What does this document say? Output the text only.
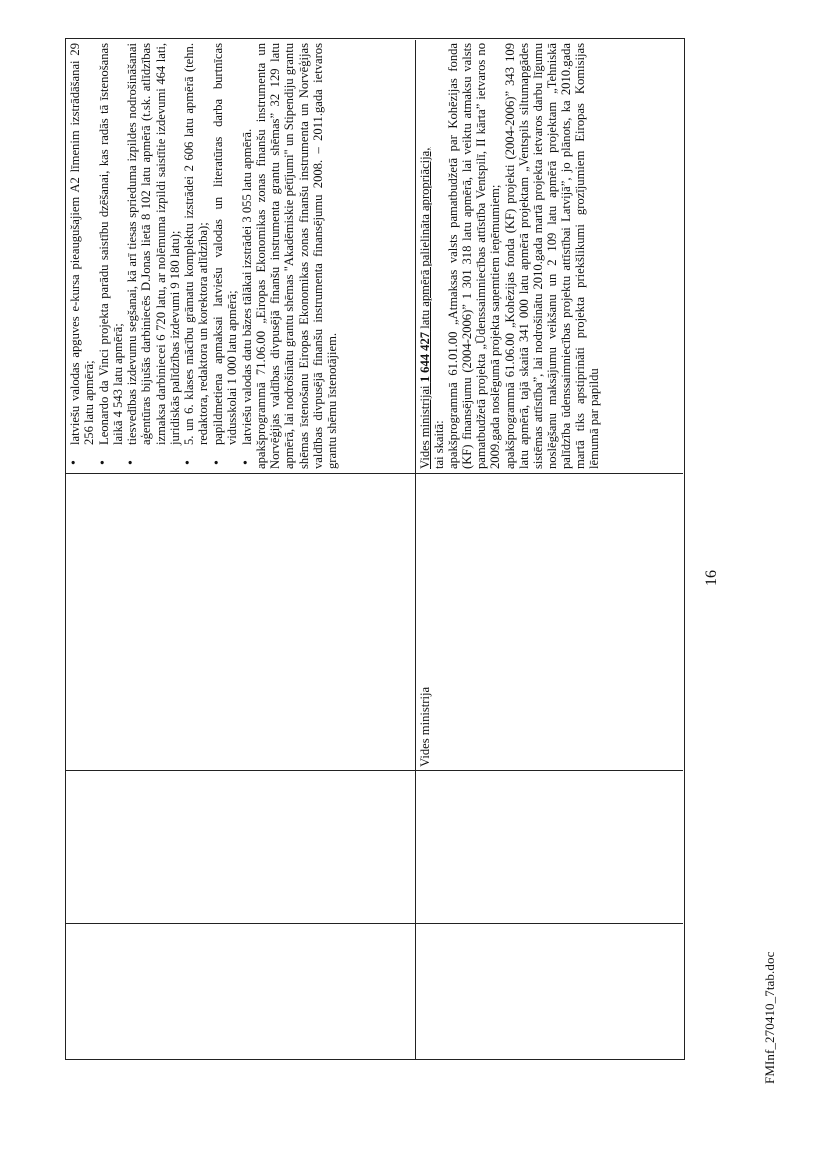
• latviešu valodas apguves e-kursa pieaugušajiem A2 līmenim izstrādāšanai 29 256 latu apmērā; • Leonardo da Vinci projekta parādu saistību dzēšanai, kas radās tā īstenošanas laikā 4 543 latu apmērā; • tiesvedības izdevumu segšanai, kā arī tiesas sprieduma izpildes nodrošināšanai aģentūras bijušās darbiniecēs D.Jonas lietā 8 102 latu apmērā (t.sk. atlīdzības izmaksa darbiniecei 6 720 latu, ar nolēmuma izpildi saistītie izdevumi 464 lati, juridiskās palīdzības izdevumi 9 180 latu); • 5. un 6. klases mācību grāmatu komplektu izstrādei 2 606 latu apmērā (tehn. redaktora, redaktora un korektora atlīdzība); • papildmetiena apmaksai latviešu valodas un literatūras darba burtnīcas vidusskolai 1 000 latu apmērā; • latviešu valodas datu bāzes tālākai izstrādei 3 055 latu apmērā. apakšprogrammā 71.06.00 „Eiropas Ekonomikas zonas finanšu instrumenta un Norvēģijas valdības divpusējā finanšu instrumenta grantu shēmas” 32 129 latu apmērā, lai nodrošinātu grantu shēmas "Akadēmiskie pētījumi" un Stipendiju grantu shēmas īstenošanu Eiropas Ekonomikas zonas finanšu instrumenta un Norvēģijas valdības divpusējā finanšu instrumenta finansējumu 2008. – 2011.gada ietvaros grantu shēmu īstenotājiem.

Vides ministrija

Vides ministrijai 1 644 427 latu apmērā palielināta apropriācija,

tai skaitā: apakšprogrammā 61.01.00 „Atmaksas valsts pamatbudžetā par Kohēzijas fonda (KF) finansējumu (2004-2006)” 1 301 318 latu apmērā, lai veiktu atmaksu valsts pamatbudžetā projekta „Ūdenssaimniecības attīstība Ventspilī, II kārta” ietvaros no 2009.gada noslēgumā projekta saņemtiem ieņēmumiem; apakšprogrammā 61.06.00 „Kohēzijas fonda (KF) projekti (2004-2006)” 343 109 latu apmērā, tajā skaitā 341 000 latu apmērā projektam „Ventspils siltumapgādes sistēmas attīstība”, lai nodrošinātu 2010.gada martā projekta ietvaros darbu līgumu noslēgšanu maksājumu veikšanu un 2 109 latu apmērā projektam „Tehniskā palīdzība ūdenssaimniecības projektu attīstībai Latvijā”, jo plānots, ka 2010.gada martā tiks apstiprināti projekta priekšlikumi grozījumiem Eiropas Komisijas lēmumā par papildu

16
FMInf_270410_7tab.doc
